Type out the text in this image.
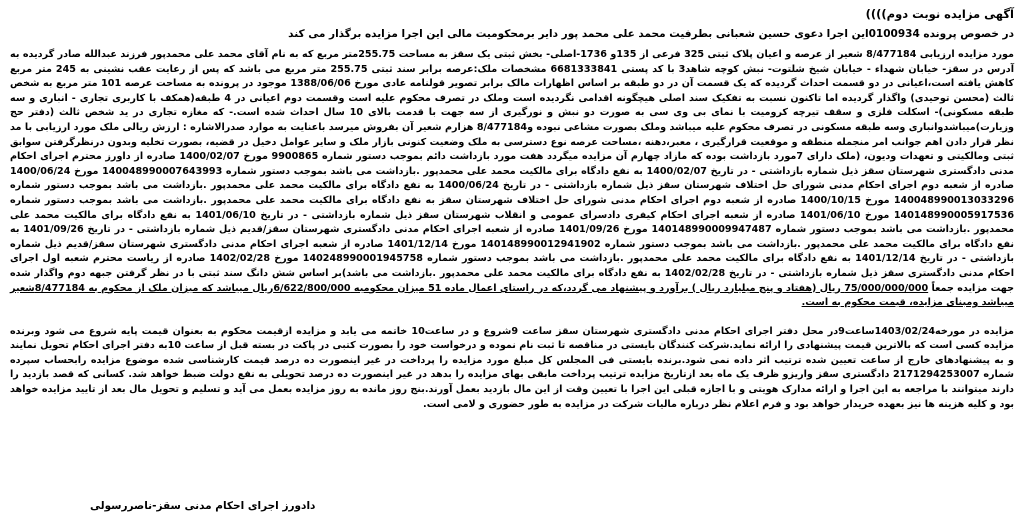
آگهی مزایده نوبت دوم))))
در خصوص پرونده 0100934این اجرا دعوی حسین شعبانی بطرفیت محمد علی محمد پور دایر برمحکومیت مالی این اجرا مزایده برگذار می کند
مورد مزایده ارزیابی 8/477184 شعیر از عرصه و اعیان پلاک ثبتی 325 فرعی از 135و 1736-اصلی- بخش ثبتی یک سقز به مساحت 255.75متر مربع که به نام آقای محمد علی محمدپور فرزند عبدالله صادر گردیده به آدرس در سقز- خیابان شهداء - خیابان شیخ شلتوت- نبش کوچه شاهد3 با کد پستی 6681333841 مشخصات ملک:عرصه برابر سند ثبتی 255.75 متر مربع می باشد که پس از رعایت عقب نشینی به 245 متر مربع کاهش یافته است،اعیانی در دو قسمت احداث گردیده که یک قسمت آن در دو طبقه بر اساس اظهارات مالک برابر تصویر قولنامه عادی مورخ 1388/06/06 موجود در پرونده به مساحت عرصه 101 متر مربع به شخص ثالث (محسن توحیدی) واگذار گردیده اما تاکنون نسبت به تفکیک سند اصلی هیچگونه اقدامی نگردیده است وملک در تصرف محکوم علیه است وقسمت دوم اعیانی در 4 طبقه(همکف با کاربری تجاری - انباری و سه طبقه مسکونی)- اسکلت فلزی و سقف تیرچه کرومیت با نمای بی وی سی به صورت دو نبش و نورگیری از سه جهت با قدمت بالای 10 سال احداث شده است.- که مغازه تجاری در ید شخص ثالث (دفتر حج وزیارت)میباشدوانباری وسه طبقه مسکونی در تصرف محکوم علیه میباشد وملک بصورت مشاعی نبوده و8/477184 هزارم شعیر آن بفروش میرسد باعنایت به موارد صدرالاشاره : ارزش ریالی ملک مورد ارزیابی با مد نظر قرار دادن اهم جوانب امر منجمله منطقه و موقعیت قرارگیری ، معبر،دهنه ،مساحت عرصه نوع دسترسی به ملک وضعیت کنونی بازار ملک و سایر عوامل دخیل در قضیه، بصورت تخلیه وبدون درنظرگرفتن سوابق ثبتی ومالکیتی و تعهدات ودیون، (ملک دارای 7مورد بازداشت بوده که مازاد چهارم آن مزایده میگردد هفت مورد بازداشت دائم بموجب دستور شماره 9900865 مورخ 1400/02/07 صادره از داورز محترم اجرای احکام مدنی دادگستری شهرستان سقز ذیل شماره بازداشتی - در تاریخ 1400/02/07 به نفع دادگاه برای مالکیت محمد علی محمدپور .بازداشت می باشد بموجب دستور شماره 140048990007643993 مورخ 1400/06/24 صادره از شعبه دوم اجرای احکام مدنی شورای حل اختلاف شهرستان سقز ذیل شماره بازداشتی - در تاریخ 1400/06/24 به نفع دادگاه برای مالکیت محمد علی محمدپور .بازداشت می باشد بموجب دستور شماره 140048990013033296 مورخ 1400/10/15 صادره از شعبه دوم اجرای احکام مدنی شورای حل اختلاف شهرستان سقز به نفع دادگاه برای مالکیت محمد علی محمدپور .بازداشت می باشد بموجب دستور شماره 140148990005917536 مورخ 1401/06/10 صادره از شعبه اجرای احکام کیفری دادسرای عمومی و انقلاب شهرستان سقز ذیل شماره بازداشتی - در تاریخ 1401/06/10 به نفع دادگاه برای مالکیت محمد علی محمدپور .بازداشت می باشد بموجب دستور شماره 140148990009947487 مورخ 1401/09/26 صادره از شعبه اجرای احکام مدنی دادگستری شهرستان سقز/قدیم ذیل شماره بازداشتی - در تاریخ 1401/09/26 به نفع دادگاه برای مالکیت محمد علی محمدپور .بازداشت می باشد بموجب دستور شماره 140148990012941902 مورخ 1401/12/14 صادره از شعبه اجرای احکام مدنی دادگستری شهرستان سقز/قدیم ذیل شماره بازداشتی - در تاریخ 1401/12/14 به نفع دادگاه برای مالکیت محمد علی محمدپور .بازداشت می باشد بموجب دستور شماره 140248990001945758 مورخ 1402/02/28 صادره از ریاست محترم شعبه اول اجرای احکام مدنی دادگستری سقز ذیل شماره بازداشتی - در تاریخ 1402/02/28 به نفع دادگاه برای مالکیت محمد علی محمدپور .بازداشت می باشد)بر اساس شش دانگ سند ثبتی با در نظر گرفتن جبهه دوم واگذار شده جهت مزایده جمعاً 75/000/000/000 ریال (هفتاد و پنج میلیارد ریال ) برآورد و پیشنهاد می گردد،که در راستای اعمال ماده 51 میزان محکومیه 6/622/800/000ریال میباشد که میزان ملک از محکوم به 8/477184شعیر میباشد ومبنای مزایده، قیمت محکوم به است.
مزایده در مورخه1403/02/24ساعت9در محل دفتر اجرای احکام مدنی دادگستری شهرستان سقز ساعت 9شروع و در ساعت10 خاتمه می یابد و مزایده ازقیمت محکوم به بعنوان قیمت پایه شروع می شود وبرنده مزایده کسی است که بالاترین قیمت پیشنهادی را ارائه نماید.شرکت کنندگان بایستی در مناقصه تا ثبت نام نموده و درخواست خود را بصورت کتبی در پاکت در بسته قبل از ساعت 10به دفتر اجرای احکام تحویل نمایند و به پیشنهادهای خارج از ساعت تعیین شده ترتیب اثر داده نمی شود.برنده بایستی فی المجلس کل مبلغ مورد مزایده را پرداخت در غیر اینصورت ده درصد قیمت کارشناسی شده موضوع مزایده رابحساب سپرده شماره 2171294253007 دادگستری سقز واریزو ظرف یک ماه بعد ازتاریخ مزایده ترتیب پرداخت مابقی بهای مزایده را بدهد در غیر اینصورت ده درصد تحویلی به نفع دولت ضبط خواهد شد. کسانی که قصد بازدید را دارند میتوانند با مراجعه به این اجرا و ارائه مدارک هویتی و با اجازه قبلی این اجرا با تعیین وقت از این مال بازدید بعمل آورند.بنج روز مانده به روز مزایده بعمل می آید و تسلیم و تحویل مال بعد از تایید مزایده خواهد بود و کلیه هزینه ها نیز بعهده خریدار خواهد بود و فرم اعلام نظر درباره مالیات شرکت در مزایده به طور حضوری و لامی است.
دادورز اجرای احکام مدنی سقز-ناصررسولی
